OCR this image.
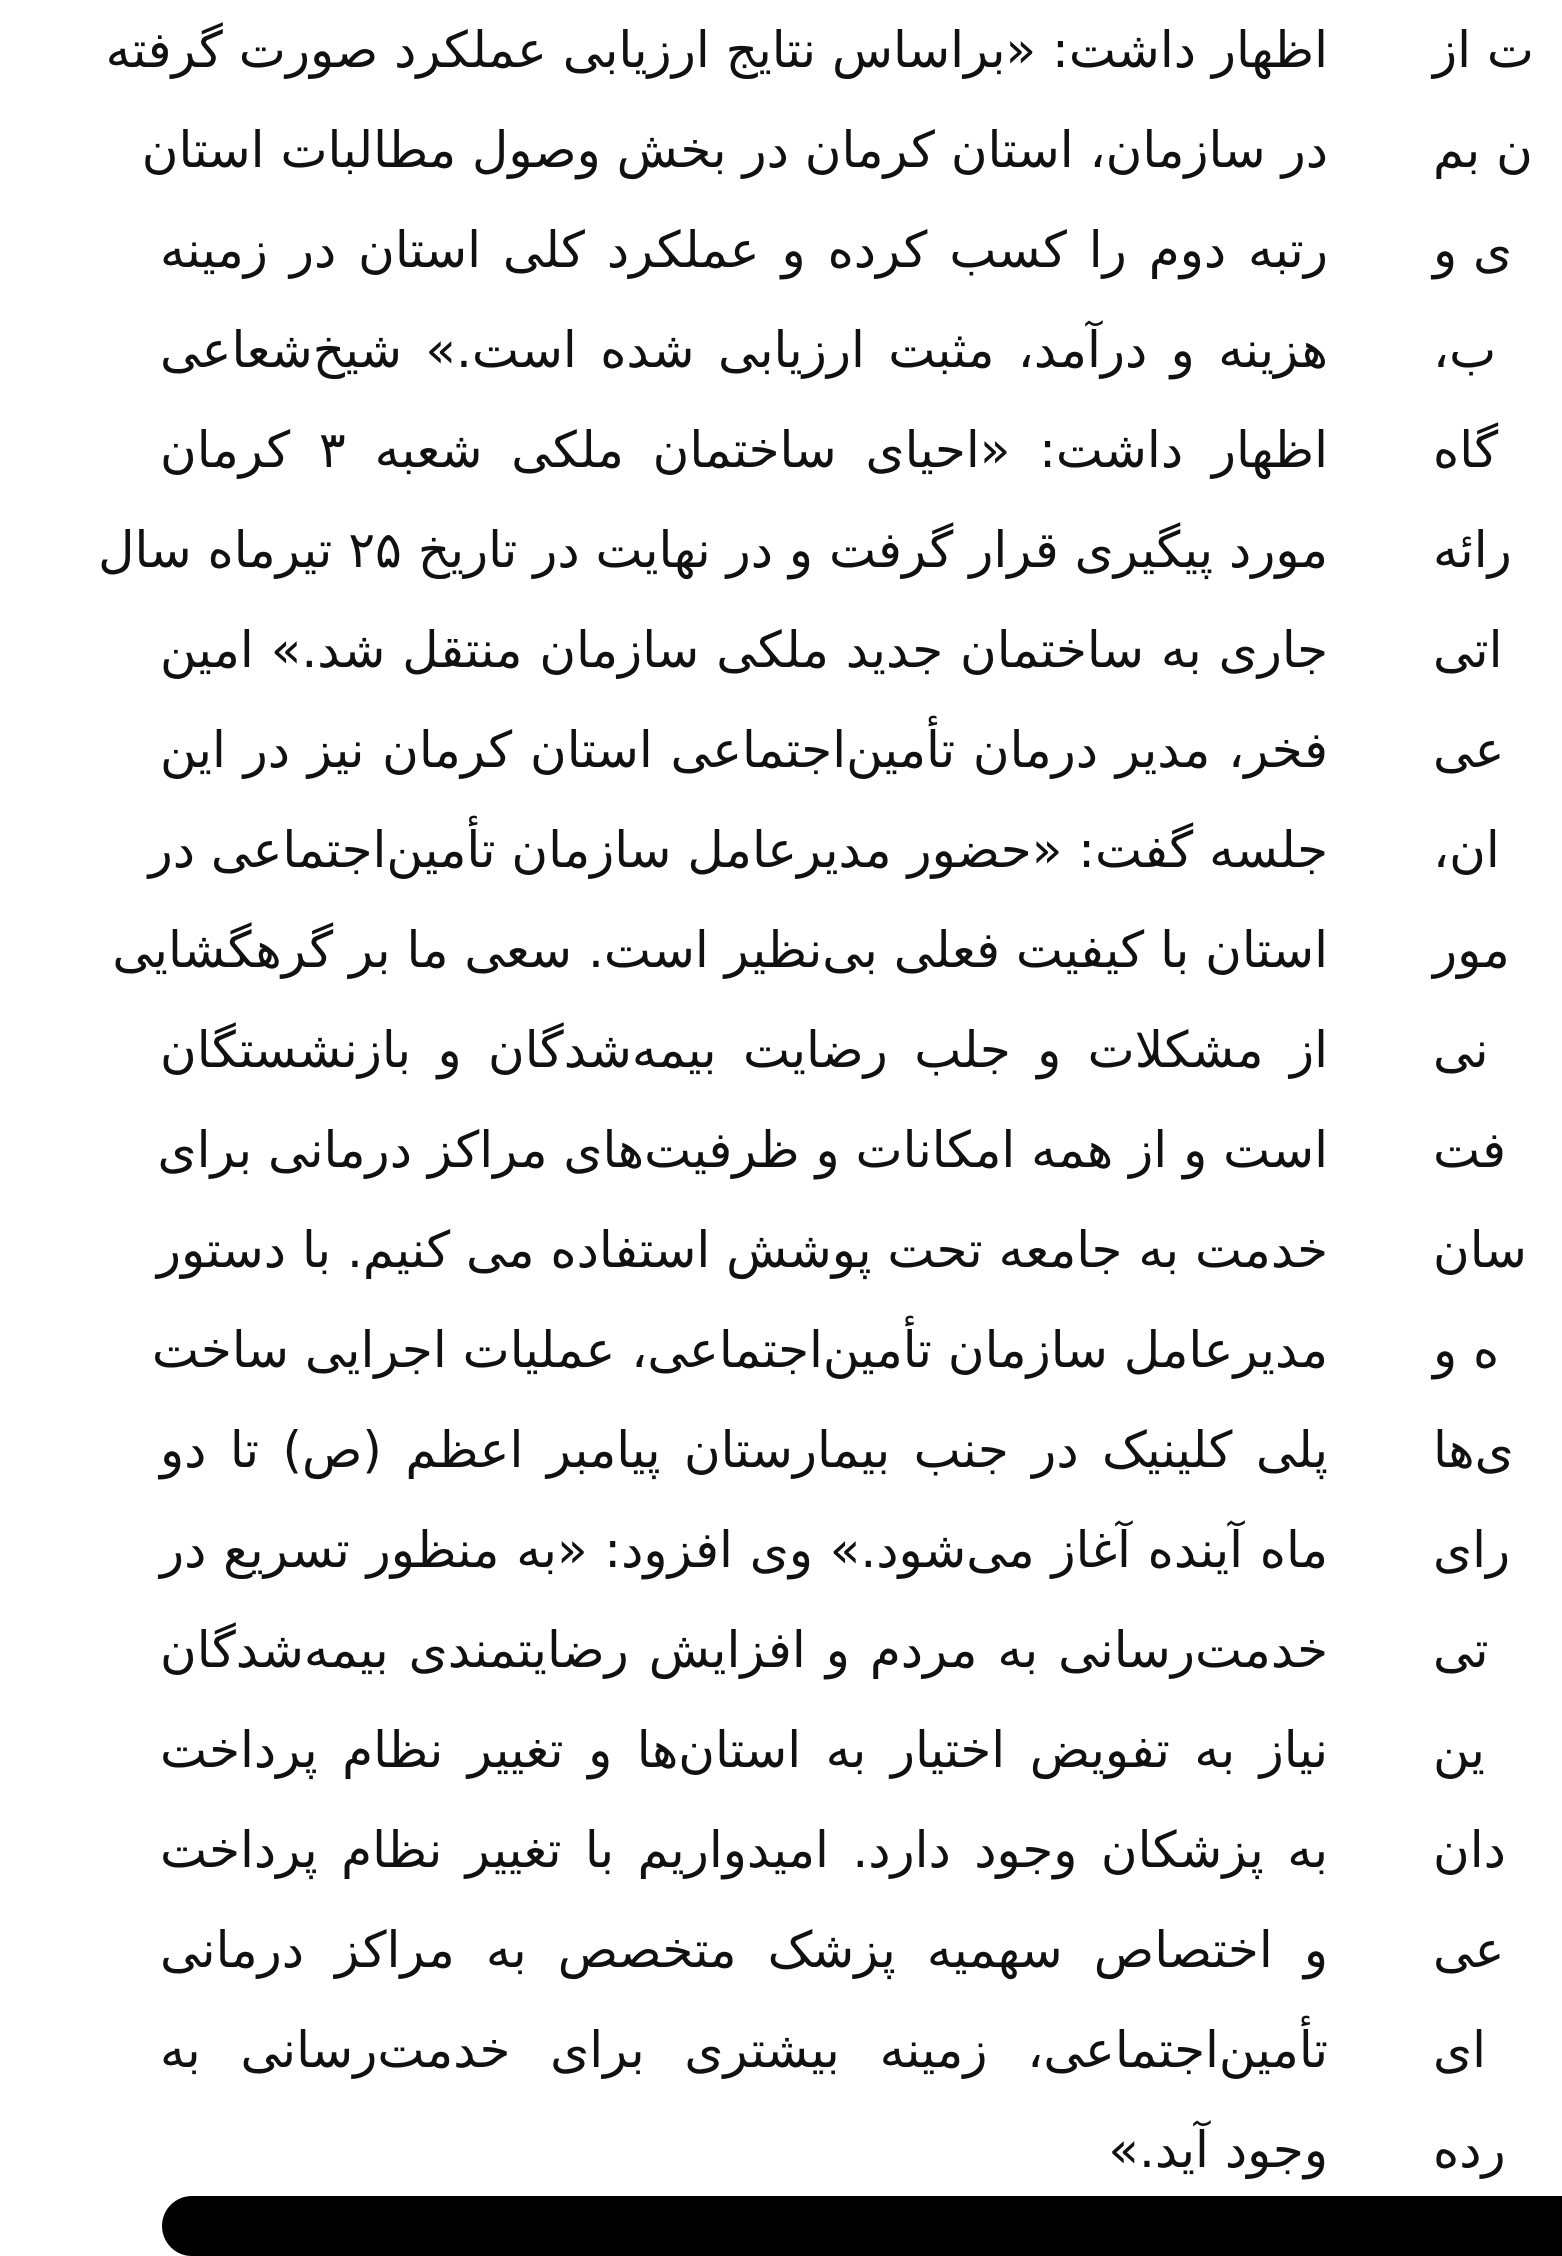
اظهار داشت: «براساس نتایج ارزیابی عملکرد صورت گرفته
در سازمان، استان کرمان در بخش وصول مطالبات استان
رتبه دوم را کسب کرده و عملکرد کلی استان در زمینه
هزینه و درآمد، مثبت ارزیابی شده است.» شیخ‌شعاعی
اظهار داشت: «احیای ساختمان ملکی شعبه ۳ کرمان
مورد پیگیری قرار گرفت و در نهایت در تاریخ ۲۵ تیرماه سال
جاری به ساختمان جدید ملکی سازمان منتقل شد.» امین
فخر، مدیر درمان تأمین‌اجتماعی استان کرمان نیز در این
جلسه گفت: «حضور مدیرعامل سازمان تأمین‌اجتماعی در
استان با کیفیت فعلی بی‌نظیر است. سعی ما بر گرهگشایی
از مشکلات و جلب رضایت بیمه‌شدگان و بازنشستگان
است و از همه امکانات و ظرفیت‌های مراکز درمانی برای
خدمت به جامعه تحت پوشش استفاده می کنیم. با دستور
مدیرعامل سازمان تأمین‌اجتماعی، عملیات اجرایی ساخت
پلی کلینیک در جنب بیمارستان پیامبر اعظم (ص) تا دو
ماه آینده آغاز می‌شود.» وی افزود: «به منظور تسریع در
خدمت‌رسانی به مردم و افزایش رضایتمندی بیمه‌شدگان
نیاز به تفویض اختیار به استان‌ها و تغییر نظام پرداخت
به پزشکان وجود دارد. امیدواریم با تغییر نظام پرداخت
و اختصاص سهمیه پزشک متخصص به مراکز درمانی
تأمین‌اجتماعی، زمینه بیشتری برای خدمت‌رسانی به
وجود آید.»
ت از
ن بم
ی و
ب،
گاه
رائه
اتی
عی
ان،
مور
نی
فت
سان
ه و
ی‌ها
رای
تی
ین
دان
عی
ای
رده
